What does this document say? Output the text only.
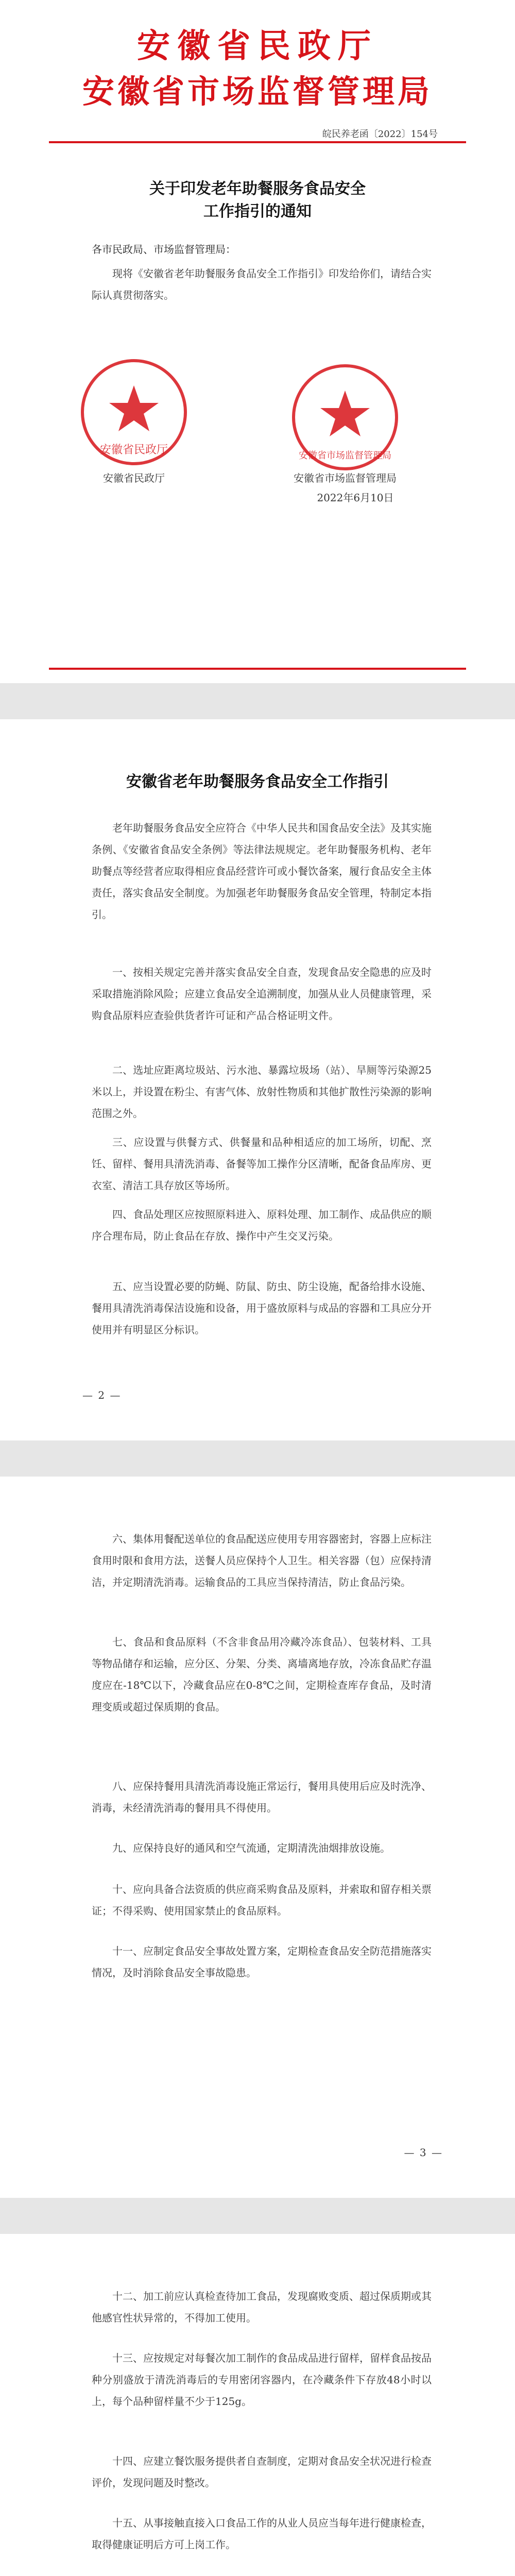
安徽省民政厅
安徽省市场监督管理局
皖民养老函〔2022〕154号
关于印发老年助餐服务食品安全
工作指引的通知
各市民政局、市场监督管理局：
现将《安徽省老年助餐服务食品安全工作指引》印发给你们，请结合实际认真贯彻落实。
安徽省民政厅	安徽省市场监督管理局
安徽省民政厅	安徽省市场监督管理局
2022年6月10日
安徽省老年助餐服务食品安全工作指引
老年助餐服务食品安全应符合《中华人民共和国食品安全法》及其实施条例、《安徽省食品安全条例》等法律法规规定。老年助餐服务机构、老年助餐点等经营者应取得相应食品经营许可或小餐饮备案，履行食品安全主体责任，落实食品安全制度。为加强老年助餐服务食品安全管理，特制定本指引。
一、按相关规定完善并落实食品安全自查，发现食品安全隐患的应及时采取措施消除风险；应建立食品安全追溯制度，加强从业人员健康管理，采购食品原料应查验供货者许可证和产品合格证明文件。
二、选址应距离垃圾站、污水池、暴露垃圾场（站）、旱厕等污染源25米以上，并设置在粉尘、有害气体、放射性物质和其他扩散性污染源的影响范围之外。
三、应设置与供餐方式、供餐量和品种相适应的加工场所，切配、烹饪、留样、餐用具清洗消毒、备餐等加工操作分区清晰，配备食品库房、更衣室、清洁工具存放区等场所。
四、食品处理区应按照原料进入、原料处理、加工制作、成品供应的顺序合理布局，防止食品在存放、操作中产生交叉污染。
五、应当设置必要的防蝇、防鼠、防虫、防尘设施，配备给排水设施、餐用具清洗消毒保洁设施和设备，用于盛放原料与成品的容器和工具应分开使用并有明显区分标识。
— 2 —
六、集体用餐配送单位的食品配送应使用专用容器密封，容器上应标注食用时限和食用方法，送餐人员应保持个人卫生。相关容器（包）应保持清洁，并定期清洗消毒。运输食品的工具应当保持清洁，防止食品污染。
七、食品和食品原料（不含非食品用冷藏冷冻食品）、包装材料、工具等物品储存和运输，应分区、分架、分类、离墙离地存放，冷冻食品贮存温度应在-18℃以下，冷藏食品应在0-8℃之间，定期检查库存食品，及时清理变质或超过保质期的食品。
八、应保持餐用具清洗消毒设施正常运行，餐用具使用后应及时洗净、消毒，未经清洗消毒的餐用具不得使用。
九、应保持良好的通风和空气流通，定期清洗油烟排放设施。
十、应向具备合法资质的供应商采购食品及原料，并索取和留存相关票证；不得采购、使用国家禁止的食品原料。
十一、应制定食品安全事故处置方案，定期检查食品安全防范措施落实情况，及时消除食品安全事故隐患。
— 3 —
十二、加工前应认真检查待加工食品，发现腐败变质、超过保质期或其他感官性状异常的，不得加工使用。
十三、应按规定对每餐次加工制作的食品成品进行留样，留样食品按品种分别盛放于清洗消毒后的专用密闭容器内，在冷藏条件下存放48小时以上，每个品种留样量不少于125g。
十四、应建立餐饮服务提供者自查制度，定期对食品安全状况进行检查评价，发现问题及时整改。
十五、从事接触直接入口食品工作的从业人员应当每年进行健康检查，取得健康证明后方可上岗工作。
